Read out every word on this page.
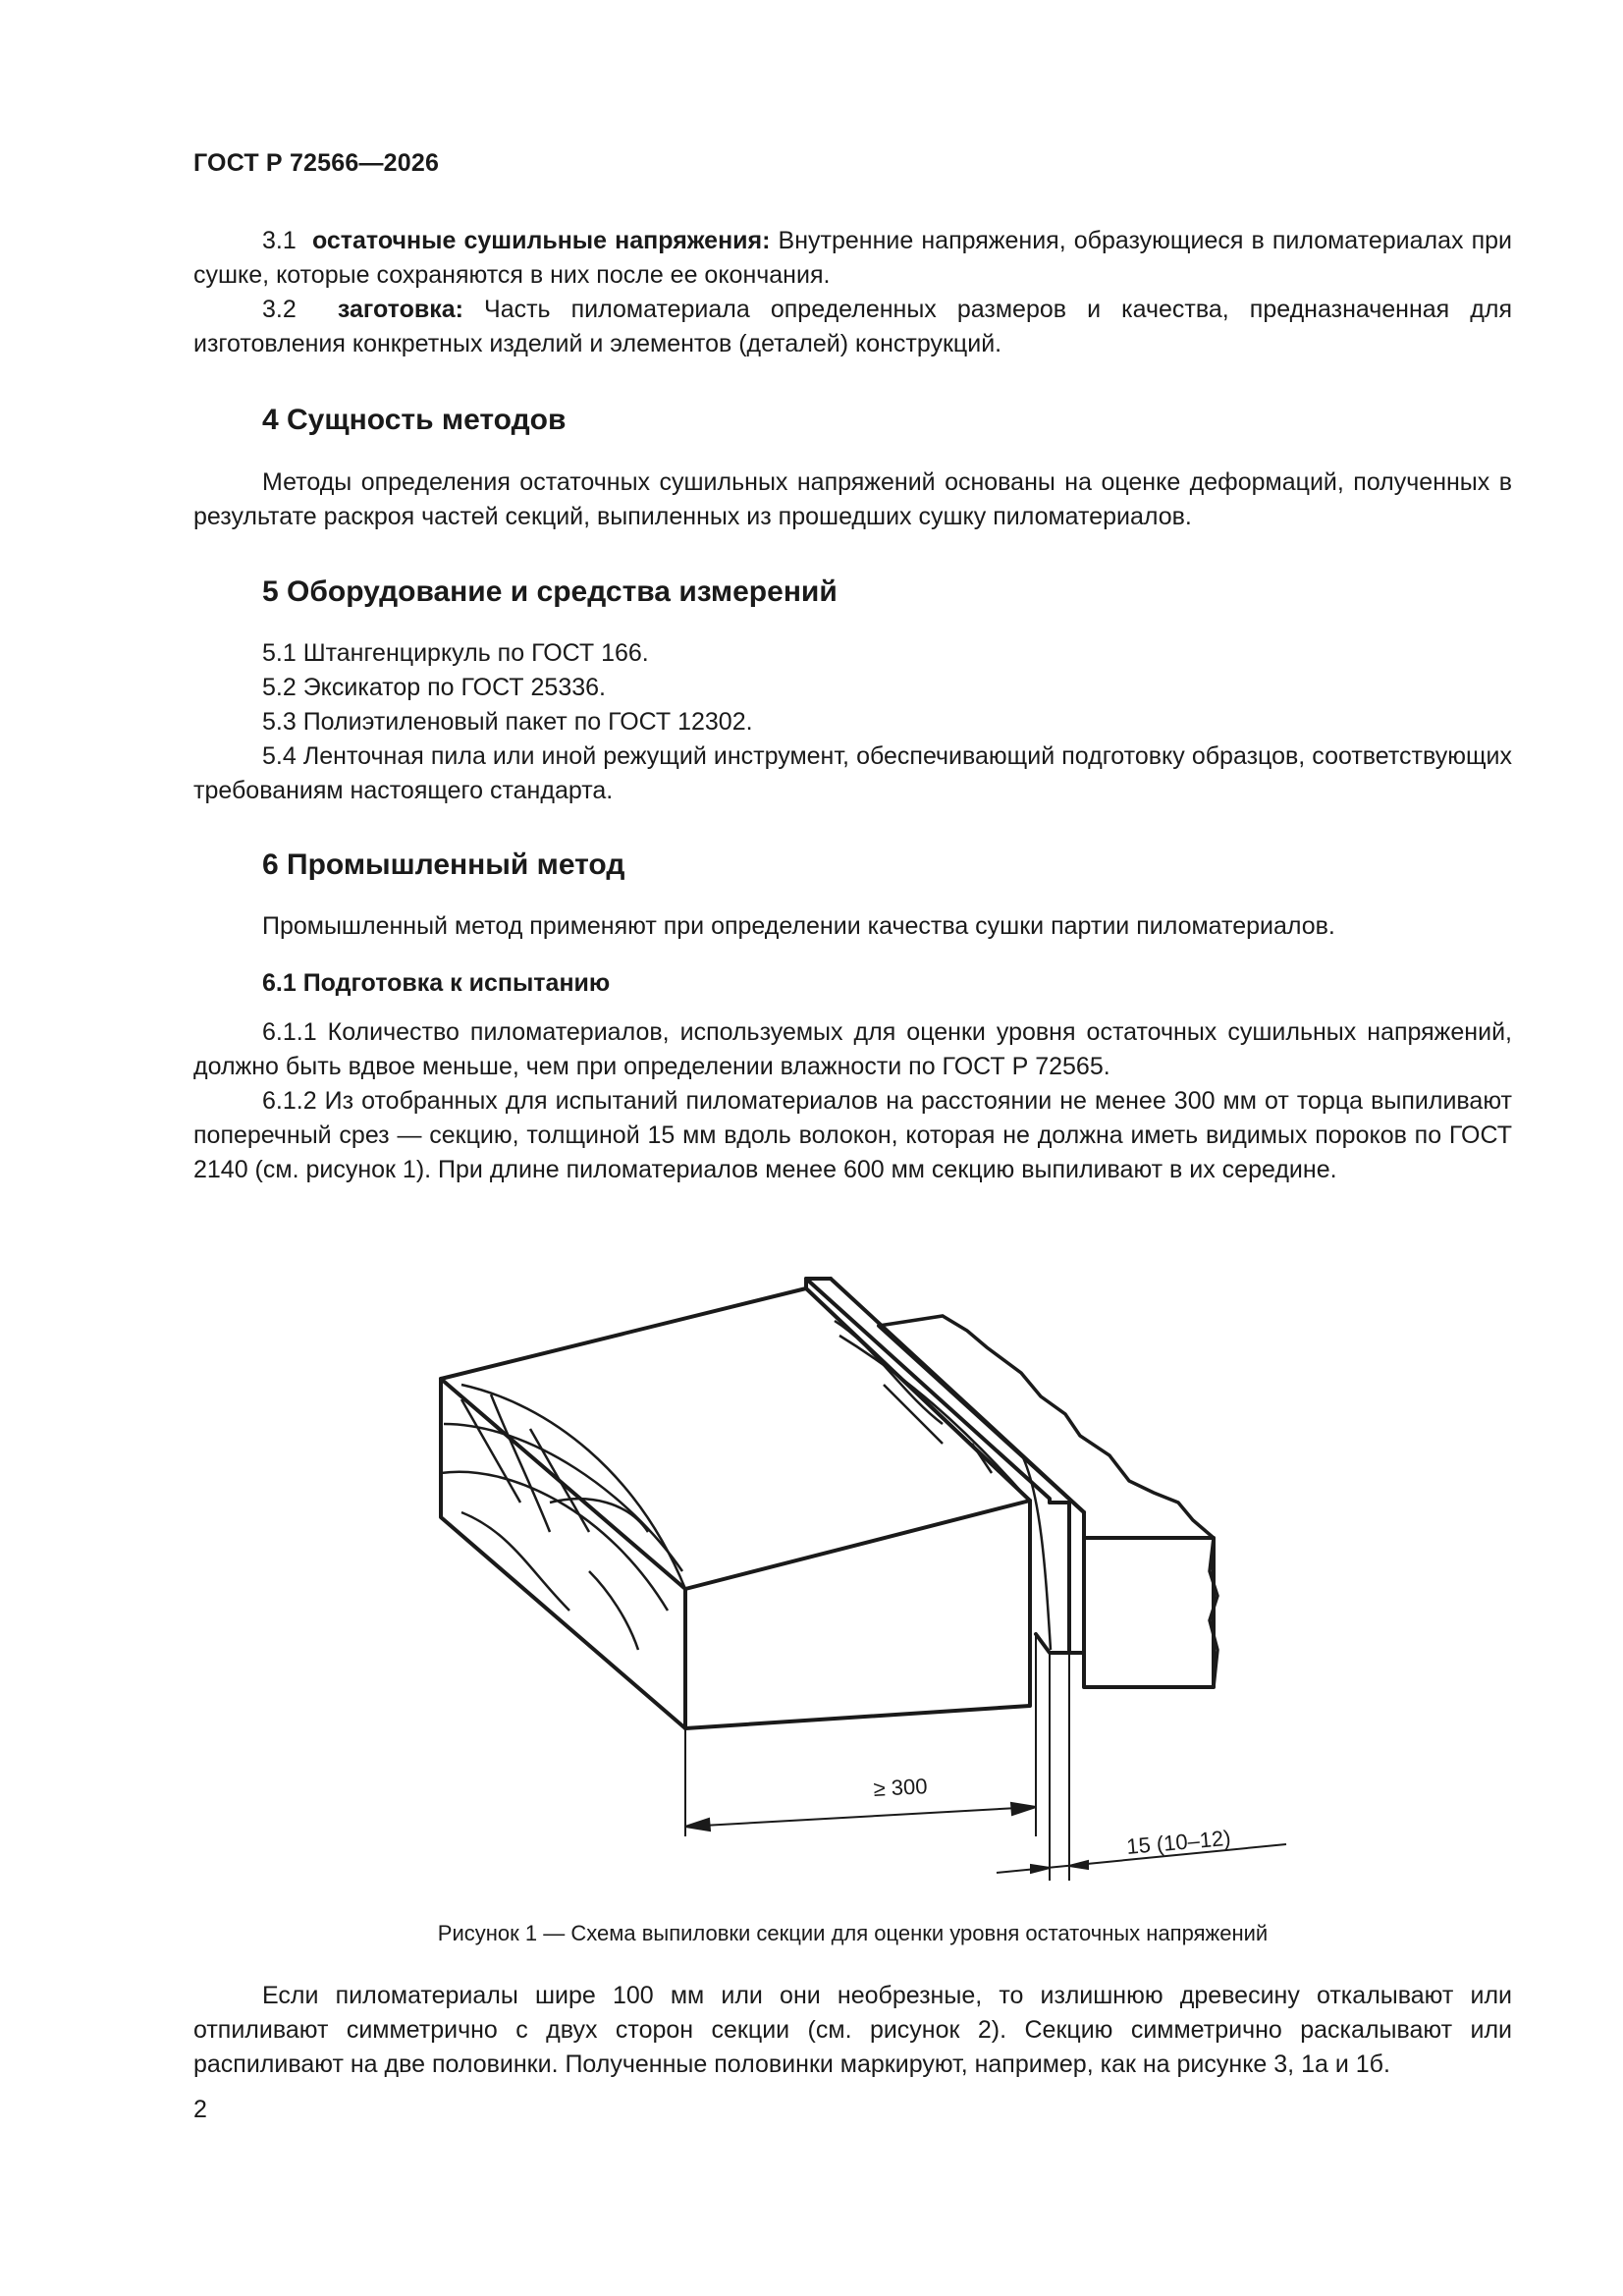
ГОСТ Р 72566—2026

3.1 остаточные сушильные напряжения: Внутренние напряжения, образующиеся в пиломатериалах при сушке, которые сохраняются в них после ее окончания.

3.2 заготовка: Часть пиломатериала определенных размеров и качества, предназначенная для изготовления конкретных изделий и элементов (деталей) конструкций.

4 Сущность методов

Методы определения остаточных сушильных напряжений основаны на оценке деформаций, полученных в результате раскроя частей секций, выпиленных из прошедших сушку пиломатериалов.

5 Оборудование и средства измерений

5.1 Штангенциркуль по ГОСТ 166.

5.2 Эксикатор по ГОСТ 25336.

5.3 Полиэтиленовый пакет по ГОСТ 12302.

5.4 Ленточная пила или иной режущий инструмент, обеспечивающий подготовку образцов, соответствующих требованиям настоящего стандарта.

6 Промышленный метод

Промышленный метод применяют при определении качества сушки партии пиломатериалов.

6.1 Подготовка к испытанию

6.1.1 Количество пиломатериалов, используемых для оценки уровня остаточных сушильных напряжений, должно быть вдвое меньше, чем при определении влажности по ГОСТ Р 72565.

6.1.2 Из отобранных для испытаний пиломатериалов на расстоянии не менее 300 мм от торца выпиливают поперечный срез — секцию, толщиной 15 мм вдоль волокон, которая не должна иметь видимых пороков по ГОСТ 2140 (см. рисунок 1). При длине пиломатериалов менее 600 мм секцию выпиливают в их середине.

Рисунок 1 — Схема выпиловки секции для оценки уровня остаточных напряжений

Если пиломатериалы шире 100 мм или они необрезные, то излишнюю древесину откалывают или отпиливают симметрично с двух сторон секции (см. рисунок 2). Секцию симметрично раскалывают или распиливают на две половинки. Полученные половинки маркируют, например, как на рисунке 3, 1а и 1б.

2
≥ 300
15 (10–12)
